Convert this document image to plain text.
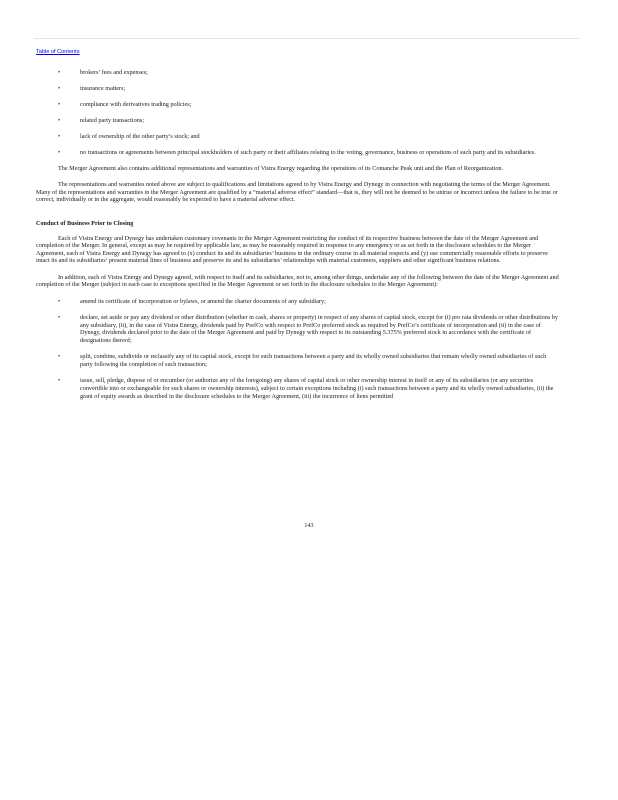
Table of Contents
•	brokers’ fees and expenses;
•	insurance matters;
•	compliance with derivatives trading policies;
•	related party transactions;
•	lack of ownership of the other party’s stock; and
•	no transactions or agreements between principal stockholders of such party or their affiliates relating to the voting, governance, business or operations of such party and its subsidiaries.

The Merger Agreement also contains additional representations and warranties of Vistra Energy regarding the operations of its Comanche Peak unit and the Plan of Reorganization.

The representations and warranties noted above are subject to qualifications and limitations agreed to by Vistra Energy and Dynegy in connection with negotiating the terms of the Merger Agreement. Many of the representations and warranties in the Merger Agreement are qualified by a “material adverse effect” standard—that is, they will not be deemed to be untrue or incorrect unless the failure to be true or correct, individually or in the aggregate, would reasonably be expected to have a material adverse effect.

Conduct of Business Prior to Closing

Each of Vistra Energy and Dynegy has undertaken customary covenants in the Merger Agreement restricting the conduct of its respective business between the date of the Merger Agreement and completion of the Merger. In general, except as may be required by applicable law, as may be reasonably required in response to any emergency or as set forth in the disclosure schedules to the Merger Agreement, each of Vistra Energy and Dynegy has agreed to (x) conduct its and its subsidiaries’ business in the ordinary course in all material respects and (y) use commercially reasonable efforts to preserve intact its and its subsidiaries’ present material lines of business and preserve its and its subsidiaries’ relationships with material customers, suppliers and other significant business relations.

In addition, each of Vistra Energy and Dynegy agreed, with respect to itself and its subsidiaries, not to, among other things, undertake any of the following between the date of the Merger Agreement and completion of the Merger (subject in each case to exceptions specified in the Merger Agreement or set forth in the disclosure schedules to the Merger Agreement):

•	amend its certificate of incorporation or bylaws, or amend the charter documents of any subsidiary;
•	declare, set aside or pay any dividend or other distribution (whether in cash, shares or property) in respect of any shares of capital stock, except for (i) pro rata dividends or other distributions by any subsidiary, (ii), in the case of Vistra Energy, dividends paid by PrefCo with respect to PrefCo preferred stock as required by PrefCo’s certificate of incorporation and (ii) in the case of Dynegy, dividends declared prior to the date of the Merger Agreement and paid by Dynegy with respect to its outstanding 5.375% preferred stock in accordance with the certificate of designations thereof;
•	split, combine, subdivide or reclassify any of its capital stock, except for such transactions between a party and its wholly owned subsidiaries that remain wholly owned subsidiaries of such party following the completion of such transaction;
•	issue, sell, pledge, dispose of or encumber (or authorize any of the foregoing) any shares of capital stock or other ownership interest in itself or any of its subsidiaries (or any securities convertible into or exchangeable for such shares or ownership interests), subject to certain exceptions including (i) such transactions between a party and its wholly owned subsidiaries, (ii) the grant of equity awards as described in the disclosure schedules to the Merger Agreement, (iii) the incurrence of liens permitted
143
